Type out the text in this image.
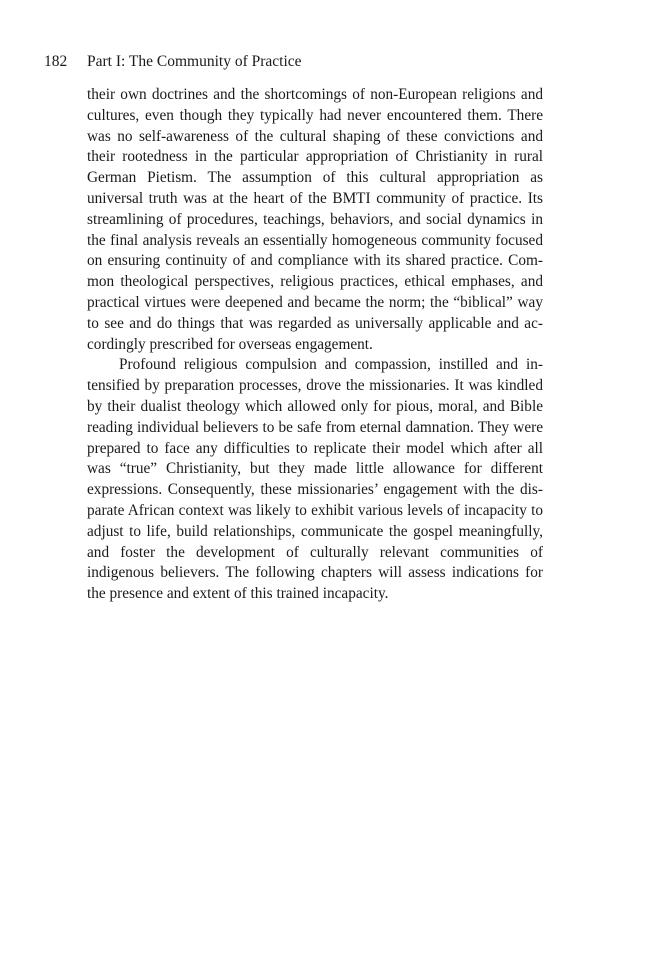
182 Part I: The Community of Practice

their own doctrines and the shortcomings of non-European religions and cultures, even though they typically had never encountered them. There was no self-awareness of the cultural shaping of these convictions and their rootedness in the particular appropriation of Christianity in rural German Pietism. The assumption of this cultural appropriation as universal truth was at the heart of the BMTI community of practice. Its streamlining of procedures, teachings, behaviors, and social dynamics in the final analysis reveals an essentially homogeneous community focused on ensuring continuity of and compliance with its shared practice. Common theological perspectives, religious practices, ethical emphases, and practical virtues were deepened and became the norm; the “biblical” way to see and do things that was regarded as universally applicable and accordingly prescribed for overseas engagement.

Profound religious compulsion and compassion, instilled and intensified by preparation processes, drove the missionaries. It was kindled by their dualist theology which allowed only for pious, moral, and Bible reading individual believers to be safe from eternal damnation. They were prepared to face any difficulties to replicate their model which after all was “true” Christianity, but they made little allowance for different expressions. Consequently, these missionaries’ engagement with the disparate African context was likely to exhibit various levels of incapacity to adjust to life, build relationships, communicate the gospel meaningfully, and foster the development of culturally relevant communities of indigenous believers. The following chapters will assess indications for the presence and extent of this trained incapacity.
